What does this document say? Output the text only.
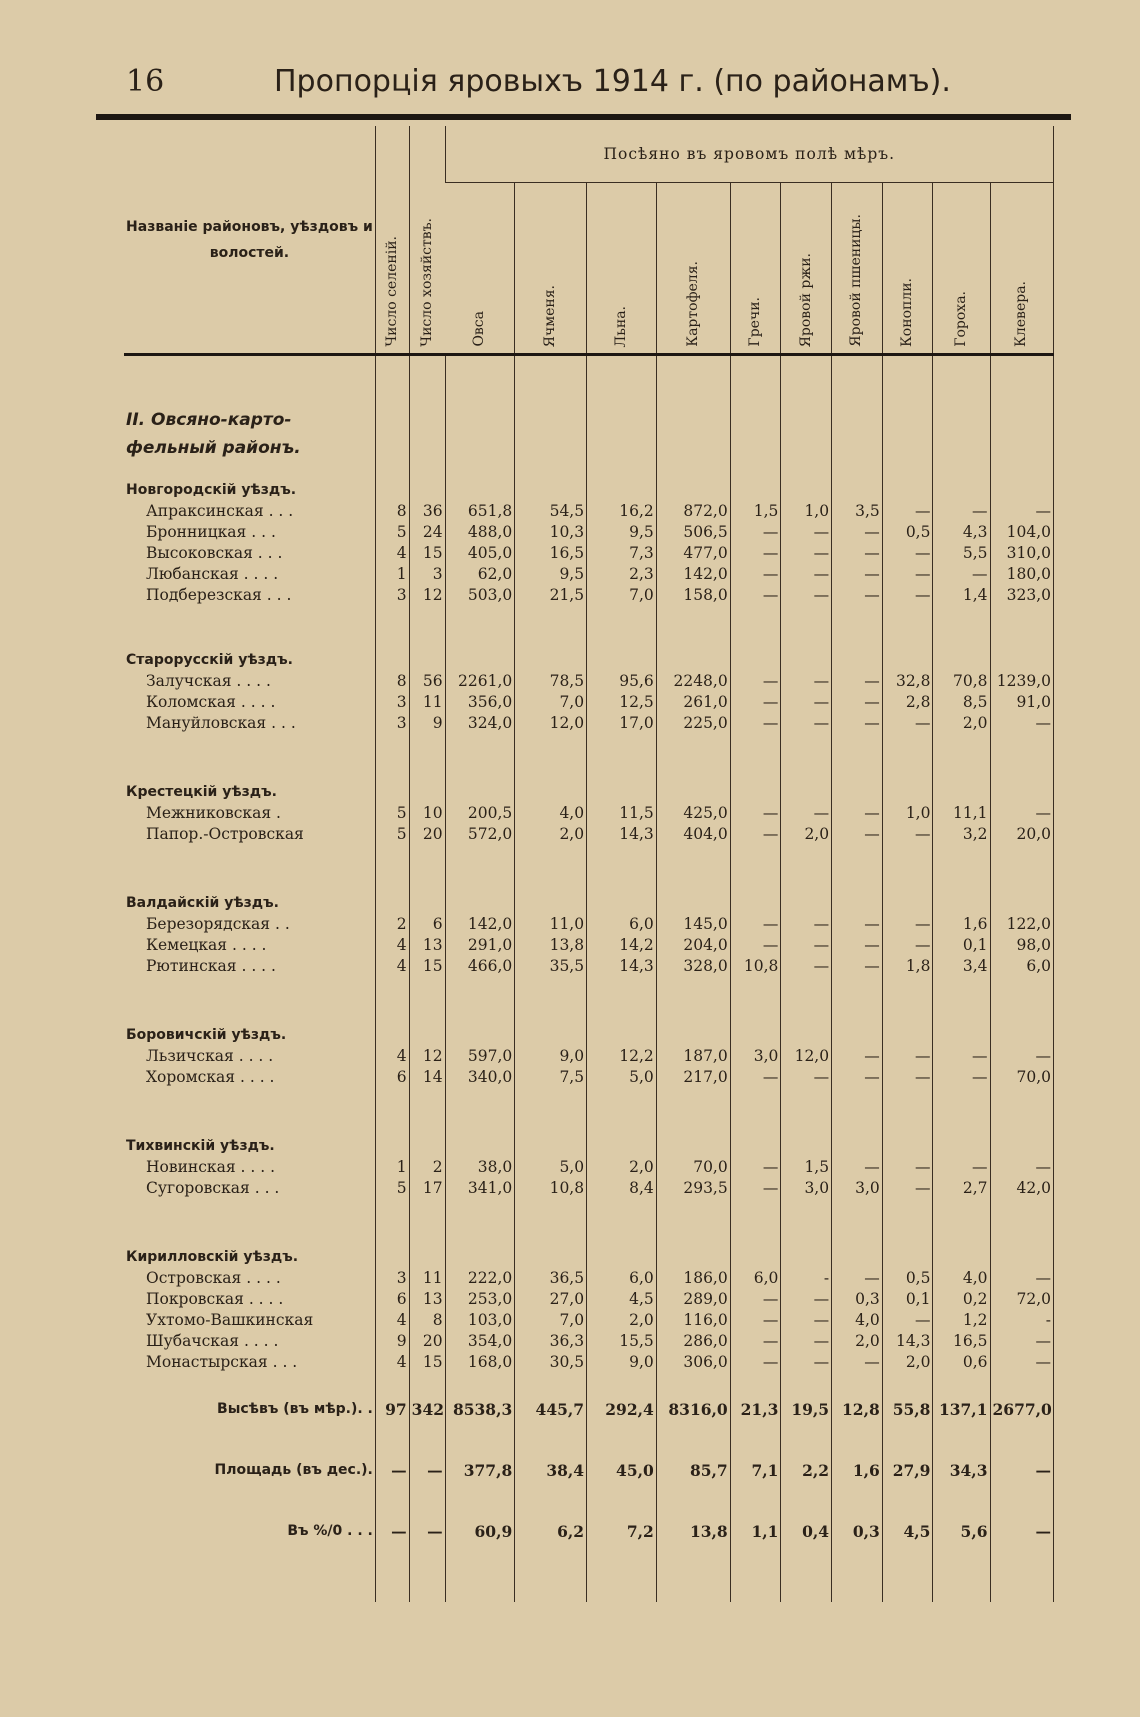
16	Пропорція яровыхъ 1914 г. (по районамъ).
Названіе районовъ, уѣздовъ и волостей.	Число селеній.	Число хозяйствъ.	Посѣяно въ яровомъ полѣ мѣръ.									
			Овса	Ячменя.	Льна.	Картофеля.	Гречи.	Яровой ржи.	Яровой пшеницы.	Конопли.	Гороха.	Клевера.

II. Овсяно-карто-фельный районъ.												

Новгородскій уѣздъ.												
Апраксинская . . .	8	36	651,8	54,5	16,2	872,0	1,5	1,0	3,5	—	—	—
Бронницкая . . .	5	24	488,0	10,3	9,5	506,5	—	—	—	0,5	4,3	104,0
Высоковская . . .	4	15	405,0	16,5	7,3	477,0	—	—	—	—	5,5	310,0
Любанская . . . .	1	3	62,0	9,5	2,3	142,0	—	—	—	—	—	180,0
Подберезская . . .	3	12	503,0	21,5	7,0	158,0	—	—	—	—	1,4	323,0

Старорусскій уѣздъ.												
Залучская . . . .	8	56	2261,0	78,5	95,6	2248,0	—	—	—	32,8	70,8	1239,0
Коломская . . . .	3	11	356,0	7,0	12,5	261,0	—	—	—	2,8	8,5	91,0
Мануйловская . . .	3	9	324,0	12,0	17,0	225,0	—	—	—	—	2,0	—

Крестецкій уѣздъ.												
Межниковская .	5	10	200,5	4,0	11,5	425,0	—	—	—	1,0	11,1	—
Папор.-Островская	5	20	572,0	2,0	14,3	404,0	—	2,0	—	—	3,2	20,0

Валдайскій уѣздъ.												
Березорядская . .	2	6	142,0	11,0	6,0	145,0	—	—	—	—	1,6	122,0
Кемецкая . . . .	4	13	291,0	13,8	14,2	204,0	—	—	—	—	0,1	98,0
Рютинская . . . .	4	15	466,0	35,5	14,3	328,0	10,8	—	—	1,8	3,4	6,0

Боровичскій уѣздъ.												
Льзичская . . . .	4	12	597,0	9,0	12,2	187,0	3,0	12,0	—	—	—	—
Хоромская . . . .	6	14	340,0	7,5	5,0	217,0	—	—	—	—	—	70,0

Тихвинскій уѣздъ.												
Новинская . . . .	1	2	38,0	5,0	2,0	70,0	—	1,5	—	—	—	—
Сугоровская . . .	5	17	341,0	10,8	8,4	293,5	—	3,0	3,0	—	2,7	42,0

Кирилловскій уѣздъ.												
Островская . . . .	3	11	222,0	36,5	6,0	186,0	6,0	-	—	0,5	4,0	—
Покровская . . . .	6	13	253,0	27,0	4,5	289,0	—	—	0,3	0,1	0,2	72,0
Ухтомо-Вашкинская	4	8	103,0	7,0	2,0	116,0	—	—	4,0	—	1,2	-
Шубачская . . . .	9	20	354,0	36,3	15,5	286,0	—	—	2,0	14,3	16,5	—
Монастырская . . .	4	15	168,0	30,5	9,0	306,0	—	—	—	2,0	0,6	—

Высѣвъ (въ мѣр.). .	97	342	8538,3	445,7	292,4	8316,0	21,3	19,5	12,8	55,8	137,1	2677,0

Площадь (въ дес.).	—	—	377,8	38,4	45,0	85,7	7,1	2,2	1,6	27,9	34,3	—

Въ %/0 . . .	—	—	60,9	6,2	7,2	13,8	1,1	0,4	0,3	4,5	5,6	—
